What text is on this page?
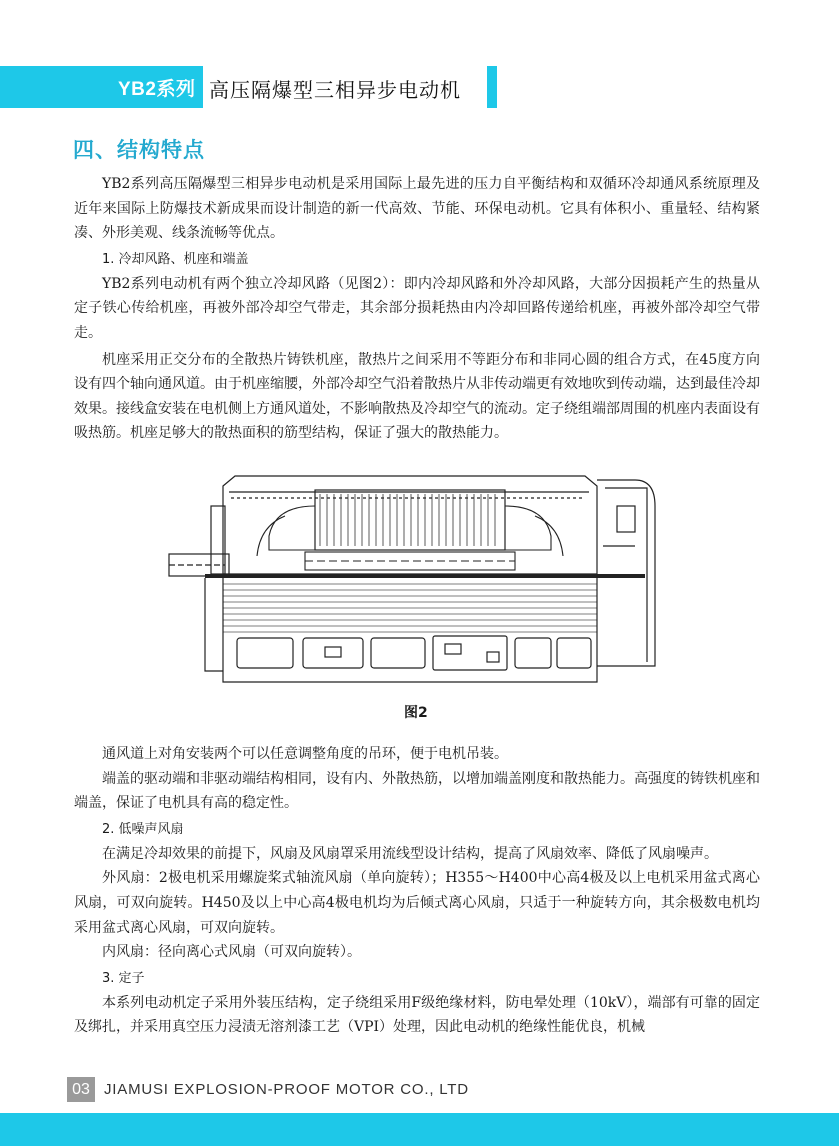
YB2系列 高压隔爆型三相异步电动机
四、结构特点

YB2系列高压隔爆型三相异步电动机是采用国际上最先进的压力自平衡结构和双循环冷却通风系统原理及近年来国际上防爆技术新成果而设计制造的新一代高效、节能、环保电动机。它具有体积小、重量轻、结构紧凑、外形美观、线条流畅等优点。

1. 冷却风路、机座和端盖

YB2系列电动机有两个独立冷却风路（见图2）：即内冷却风路和外冷却风路，大部分因损耗产生的热量从定子铁心传给机座，再被外部冷却空气带走，其余部分损耗热由内冷却回路传递给机座，再被外部冷却空气带走。

机座采用正交分布的全散热片铸铁机座，散热片之间采用不等距分布和非同心圆的组合方式，在45度方向设有四个轴向通风道。由于机座缩腰，外部冷却空气沿着散热片从非传动端更有效地吹到传动端，达到最佳冷却效果。接线盒安装在电机侧上方通风道处，不影响散热及冷却空气的流动。定子绕组端部周围的机座内表面设有吸热筋。机座足够大的散热面积的筋型结构，保证了强大的散热能力。

图2

通风道上对角安装两个可以任意调整角度的吊环，便于电机吊装。

端盖的驱动端和非驱动端结构相同，设有内、外散热筋，以增加端盖刚度和散热能力。高强度的铸铁机座和端盖，保证了电机具有高的稳定性。

2. 低噪声风扇

在满足冷却效果的前提下，风扇及风扇罩采用流线型设计结构，提高了风扇效率、降低了风扇噪声。

外风扇：2极电机采用螺旋桨式轴流风扇（单向旋转）；H355～H400中心高4极及以上电机采用盆式离心风扇，可双向旋转。H450及以上中心高4极电机均为后倾式离心风扇，只适于一种旋转方向，其余极数电机均采用盆式离心风扇，可双向旋转。

内风扇：径向离心式风扇（可双向旋转）。

3. 定子

本系列电动机定子采用外装压结构，定子绕组采用F级绝缘材料，防电晕处理（10kV），端部有可靠的固定及绑扎，并采用真空压力浸渍无溶剂漆工艺（VPI）处理，因此电动机的绝缘性能优良，机械

03 JIAMUSI EXPLOSION-PROOF MOTOR CO., LTD
